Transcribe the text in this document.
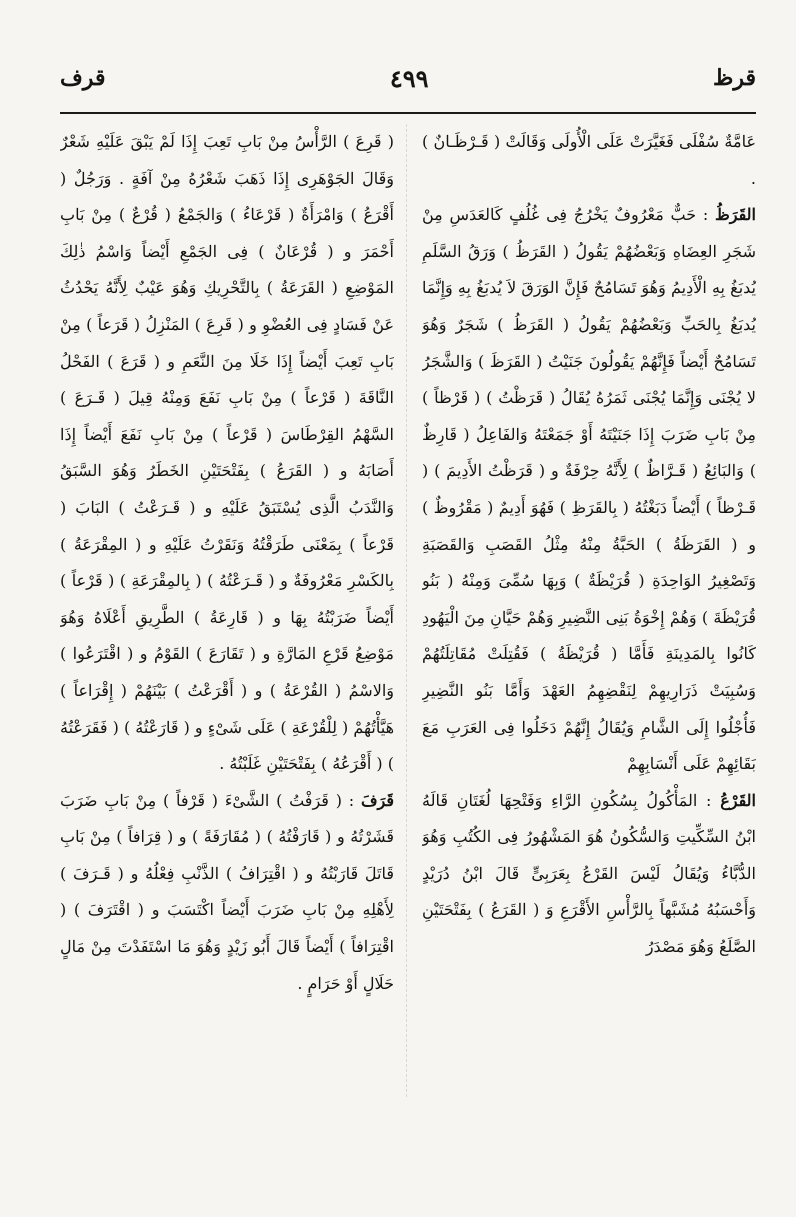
قرظ
٤٩٩
قرف

عَامَّةٌ سُفْلَى فَغَيَّرَتْ عَلَى الْأُولَى وَقَالَتْ ( قَـرْظَـانٌ ) .

القَرَظُ : حَبٌّ مَعْرُوفٌ يَخْرُجُ فِى غُلُفٍ كَالعَدَسِ مِنْ شَجَرِ العِضَاهِ وَبَعْضُهُمْ يَقُولُ ( القَرَظُ ) وَرَقُ السَّلَمِ يُدبَغُ بِهِ الْأَدِيمُ وَهُوَ تَسَامُحٌ فَإِنَّ الوَرَقَ لاَ يُدبَغُ بِهِ وَإِنَّمَا يُدبَغُ بِالحَبِّ وَبَعْضُهُمْ يَقُولُ ( القَرَظُ ) شَجَرٌ وَهُوَ تَسَامُحٌ أَيْضاً فَإِنَّهُمْ يَقُولُونَ جَنَيْتُ ( القَرَظَ ) وَالشَّجَرُ لا يُجْنَى وَإِنَّمَا يُجْنَى ثَمَرُهُ يُقَالُ ( قَرَظْتُ ) ( قَرْظاً ) مِنْ بَابِ ضَرَبَ إِذَا جَنَيْتَهُ أَوْ جَمَعْتَهُ وَالفَاعِلُ ( قَارِظٌ ) وَالبَائِعُ ( قَـرَّاظٌ ) لِأَنَّهُ حِرْفَةٌ و ( قَرَظْتُ الأَدِيمَ ) ( قَـرْظاً ) أَيْضاً دَبَغْتُهُ ( بِالقَرَظِ ) فَهُوَ أَدِيمٌ ( مَقْرُوظٌ ) و ( القَرَظَةُ ) الحَبَّةُ مِنْهُ مِثْلُ القَصَبِ وَالقَصَبَةِ وَتَصْغِيرُ الوَاحِدَةِ ( قُرَيْظَةٌ ) وَبِهَا سُمِّىَ وَمِنْهُ ( بَنُو قُرَيْظَةَ ) وَهُمْ إِخْوَةُ بَنِى النَّضِيرِ وَهُمْ حَيَّانِ مِنَ الْيَهُودِ كَانُوا بِالمَدِينَةِ فَأَمَّا ( قُرَيْظَةُ ) فَقُتِلَتْ مُقَاتِلَتُهُمْ وَسُبِيَتْ ذَرَارِيهِمْ لِنَقْضِهِمُ العَهْدَ وَأَمَّا بَنُو النَّضِيرِ فَأُجْلُوا إِلَى الشَّامِ وَيُقَالُ إِنَّهُمْ دَخَلُوا فِى العَرَبِ مَعَ بَقَائِهِمْ عَلَى أَنْسَابِهِمْ

القَرْعُ : المَأْكُولُ بِسُكُونِ الرَّاءِ وَفَتْحِهَا لُغَتَانِ قَالَهُ ابْنُ السِّكِّيتِ وَالسُّكُونُ هُوَ المَشْهُورُ فِى الكُتُبِ وَهُوَ الدُّبَّاءُ وَيُقَالُ لَيْسَ القَرْعُ بِعَرَبِىٍّ قَالَ ابْنُ دُرَيْدٍ وَأَحْسَبُهُ مُشَبَّهاً بِالرَّأْسِ الأَقْرَعِ وَ ( القَرَعُ ) بِفَتْحَتَيْنِ الصَّلَعُ وَهُوَ مَصْدَرُ

( قَرِعَ ) الرَّأْسُ مِنْ بَابِ تَعِبَ إِذَا لَمْ يَبْقَ عَلَيْهِ شَعْرٌ وَقَالَ الجَوْهَرِى إِذَا ذَهَبَ شَعْرُهُ مِنْ آفَةٍ . وَرَجُلٌ ( أَقْرَعُ ) وَامْرَأَةٌ ( قَرْعَاءُ ) وَالجَمْعُ ( قُرْعٌ ) مِنْ بَابِ أَحْمَرَ و ( قُرْعَانٌ ) فِى الجَمْعِ أَيْضاً وَاسْمُ ذٰلِكَ المَوْضِعِ ( القَرَعَةُ ) بِالتَّحْرِيكِ وَهُوَ عَيْبٌ لِأَنَّهُ يَحْدُثُ عَنْ فَسَادٍ فِى العُضْوِ و ( قَرِعَ ) المَنْزِلُ ( قَرَعاً ) مِنْ بَابِ تَعِبَ أَيْضاً إِذَا خَلَا مِنَ النَّعَمِ و ( قَرَعَ ) الفَحْلُ النَّاقَةَ ( قَرْعاً ) مِنْ بَابِ نَفَعَ وَمِنْهُ قِيلَ ( قَـرَعَ ) السَّهْمُ القِرْطَاسَ ( قَرْعاً ) مِنْ بَابِ نَفَعَ أَيْضاً إِذَا أَصَابَهُ و ( القَرَعُ ) بِفَتْحَتَيْنِ الخَطَرُ وَهُوَ السَّبَقُ وَالنَّدَبُ الَّذِى يُسْتَبَقُ عَلَيْهِ و ( قَـرَعْتُ ) البَابَ ( قَرْعاً ) بِمَعْنَى طَرَقْتُهُ وَنَقَرْتُ عَلَيْهِ و ( المِقْرَعَةُ ) بِالكَسْرِ مَعْرُوفَةٌ و ( قَـرَعْتُهُ ) ( بِالمِقْرَعَةِ ) ( قَرْعاً ) أَيْضاً ضَرَبْتُهُ بِهَا و ( قَارِعَةُ ) الطَّرِيقِ أَعْلَاهُ وَهُوَ مَوْضِعُ قَرْعِ المَارَّةِ و ( تَقَارَعَ ) القَوْمُ و ( اقْتَرَعُوا ) وَالاسْمُ ( القُرْعَةُ ) و ( أَقْرَعْتُ ) بَيْنَهُمْ ( إِقْرَاعاً ) هَيَّأْتُهُمْ ( لِلْقُرْعَةِ ) عَلَى شَىْءٍ و ( قَارَعْتُهُ ) ( فَقَرَعْتُهُ ) ( أَقْرَعُهُ ) بِفَتْحَتَيْنِ غَلَبْتُهُ .

قَرَفَ : ( قَرَفْتُ ) الشَّىْءَ ( قَرْفاً ) مِنْ بَابِ ضَرَبَ قَشَرْتُهُ و ( قَارَفْتُهُ ) ( مُقَارَفَةً ) و ( قِرَافاً ) مِنْ بَابِ قَاتَلَ قَارَبْتُهُ و ( اقْتِرَافُ ) الذَّنْبِ فِعْلُهُ و ( قَـرَفَ ) لِأَهْلِهِ مِنْ بَابِ ضَرَبَ أَيْضاً اكْتَسَبَ و ( اقْتَرَفَ ) ( اقْتِرَافاً ) أَيْضاً قَالَ أَبُو زَيْدٍ وَهُوَ مَا اسْتَفَدْتَ مِنْ مَالٍ حَلَالٍ أَوْ حَرَامٍ .
